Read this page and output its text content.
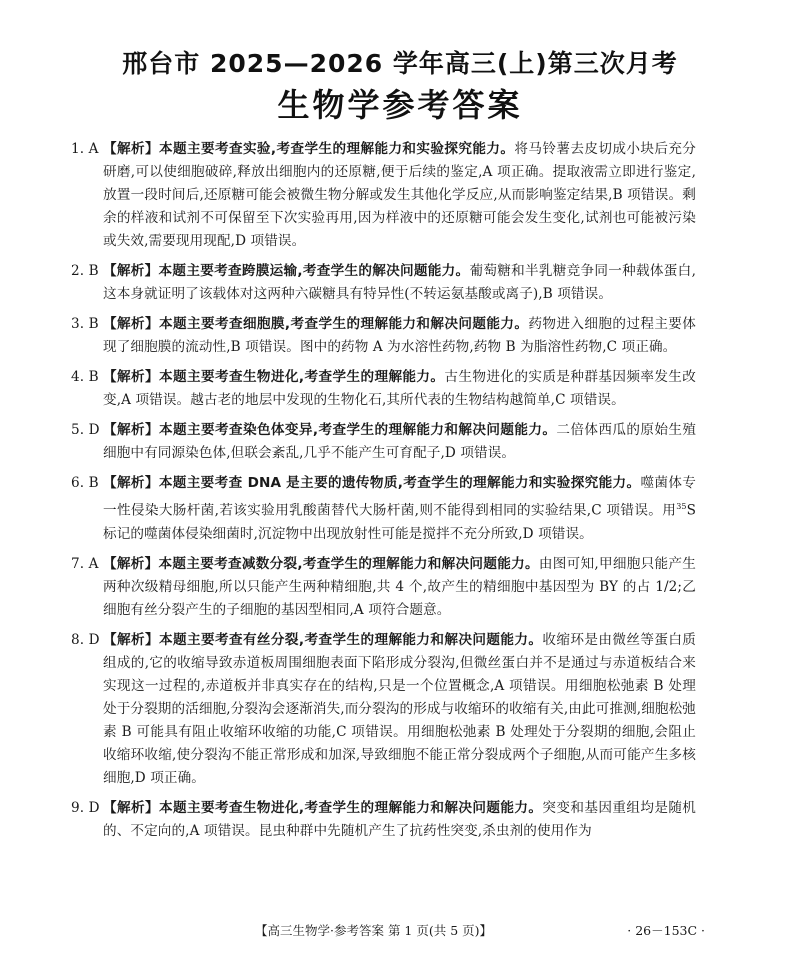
邢台市 2025—2026 学年高三(上)第三次月考
生物学参考答案
1. A 【解析】本题主要考查实验,考查学生的理解能力和实验探究能力。将马铃薯去皮切成小块后充分研磨,可以使细胞破碎,释放出细胞内的还原糖,便于后续的鉴定,A 项正确。提取液需立即进行鉴定,放置一段时间后,还原糖可能会被微生物分解或发生其他化学反应,从而影响鉴定结果,B 项错误。剩余的样液和试剂不可保留至下次实验再用,因为样液中的还原糖可能会发生变化,试剂也可能被污染或失效,需要现用现配,D 项错误。
2. B 【解析】本题主要考查跨膜运输,考查学生的解决问题能力。葡萄糖和半乳糖竞争同一种载体蛋白,这本身就证明了该载体对这两种六碳糖具有特异性(不转运氨基酸或离子),B 项错误。
3. B 【解析】本题主要考查细胞膜,考查学生的理解能力和解决问题能力。药物进入细胞的过程主要体现了细胞膜的流动性,B 项错误。图中的药物 A 为水溶性药物,药物 B 为脂溶性药物,C 项正确。
4. B 【解析】本题主要考查生物进化,考查学生的理解能力。古生物进化的实质是种群基因频率发生改变,A 项错误。越古老的地层中发现的生物化石,其所代表的生物结构越简单,C 项错误。
5. D 【解析】本题主要考查染色体变异,考查学生的理解能力和解决问题能力。二倍体西瓜的原始生殖细胞中有同源染色体,但联会紊乱,几乎不能产生可育配子,D 项错误。
6. B 【解析】本题主要考查 DNA 是主要的遗传物质,考查学生的理解能力和实验探究能力。噬菌体专一性侵染大肠杆菌,若该实验用乳酸菌替代大肠杆菌,则不能得到相同的实验结果,C 项错误。用$^{35}$S 标记的噬菌体侵染细菌时,沉淀物中出现放射性可能是搅拌不充分所致,D 项错误。
7. A 【解析】本题主要考查减数分裂,考查学生的理解能力和解决问题能力。由图可知,甲细胞只能产生两种次级精母细胞,所以只能产生两种精细胞,共 4 个,故产生的精细胞中基因型为 BY 的占 1/2;乙细胞有丝分裂产生的子细胞的基因型相同,A 项符合题意。
8. D 【解析】本题主要考查有丝分裂,考查学生的理解能力和解决问题能力。收缩环是由微丝等蛋白质组成的,它的收缩导致赤道板周围细胞表面下陷形成分裂沟,但微丝蛋白并不是通过与赤道板结合来实现这一过程的,赤道板并非真实存在的结构,只是一个位置概念,A 项错误。用细胞松弛素 B 处理处于分裂期的活细胞,分裂沟会逐渐消失,而分裂沟的形成与收缩环的收缩有关,由此可推测,细胞松弛素 B 可能具有阻止收缩环收缩的功能,C 项错误。用细胞松弛素 B 处理处于分裂期的细胞,会阻止收缩环收缩,使分裂沟不能正常形成和加深,导致细胞不能正常分裂成两个子细胞,从而可能产生多核细胞,D 项正确。
9. D 【解析】本题主要考查生物进化,考查学生的理解能力和解决问题能力。突变和基因重组均是随机的、不定向的,A 项错误。昆虫种群中先随机产生了抗药性突变,杀虫剂的使用作为
【高三生物学·参考答案 第 1 页(共 5 页)】	· 26－153C ·
